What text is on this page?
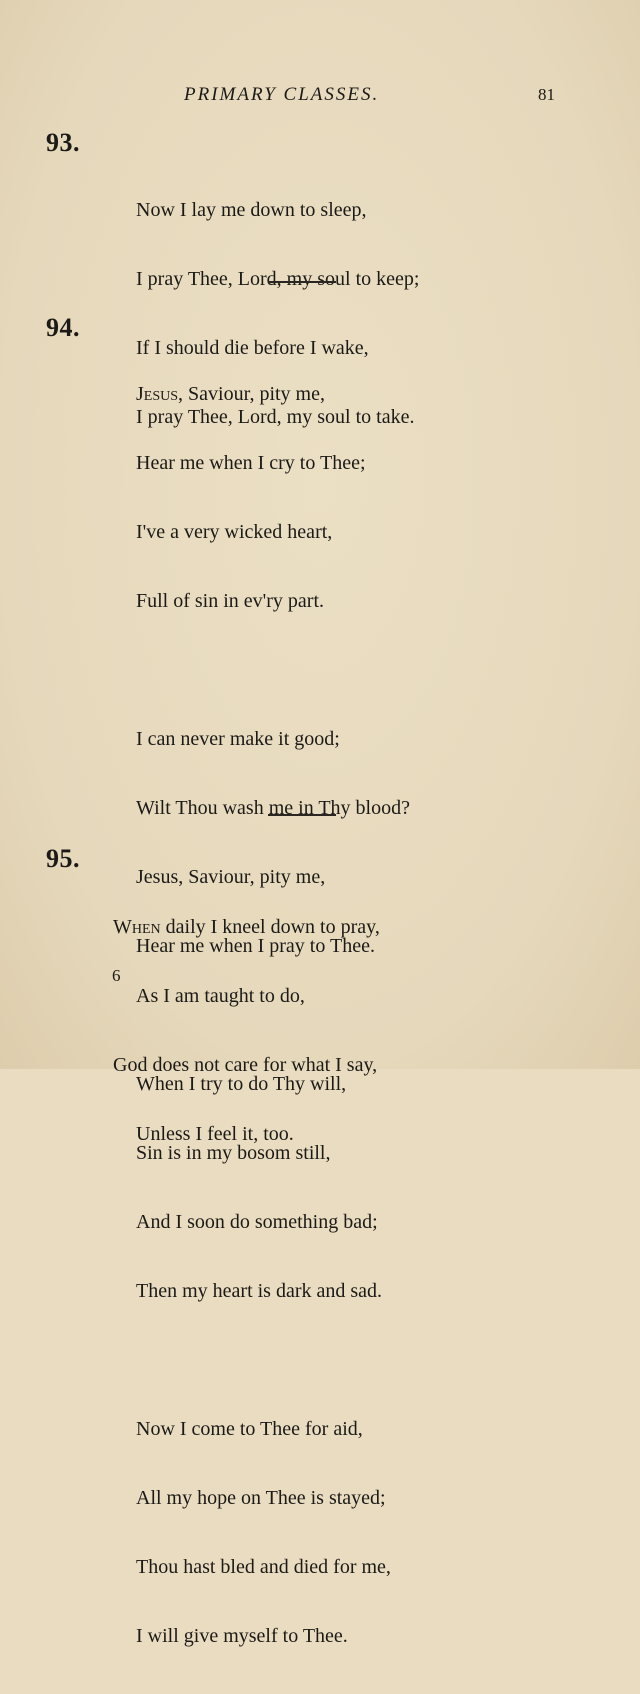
PRIMARY CLASSES.	81
93.

Now I lay me down to sleep,

I pray Thee, Lord, my soul to keep;

If I should die before I wake,

I pray Thee, Lord, my soul to take.

94.

Jesus, Saviour, pity me,

Hear me when I cry to Thee;

I've a very wicked heart,

Full of sin in ev'ry part.

I can never make it good;

Wilt Thou wash me in Thy blood?

Jesus, Saviour, pity me,

Hear me when I pray to Thee.

When I try to do Thy will,

Sin is in my bosom still,

And I soon do something bad;

Then my heart is dark and sad.

Now I come to Thee for aid,

All my hope on Thee is stayed;

Thou hast bled and died for me,

I will give myself to Thee.

95.

When daily I kneel down to pray,

As I am taught to do,

God does not care for what I say,

Unless I feel it, too.

6
